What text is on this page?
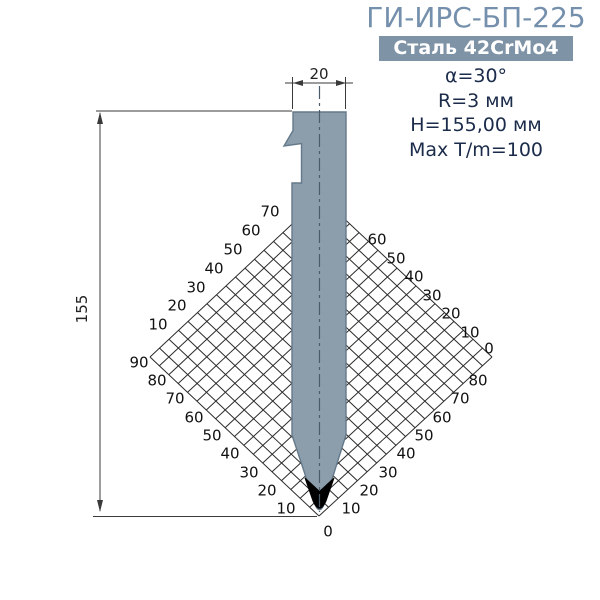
20
155
10
20
30
40
50
60
70
90
80
70
60
50
40
30
20
10
60
50
40
30
20
10
0
80
70
60
50
40
30
20
10
0
ГИ-ИРС-БП-225
Сталь 42CrMo4
α=30°
R=3 мм
H=155,00 мм
Max T/m=100
